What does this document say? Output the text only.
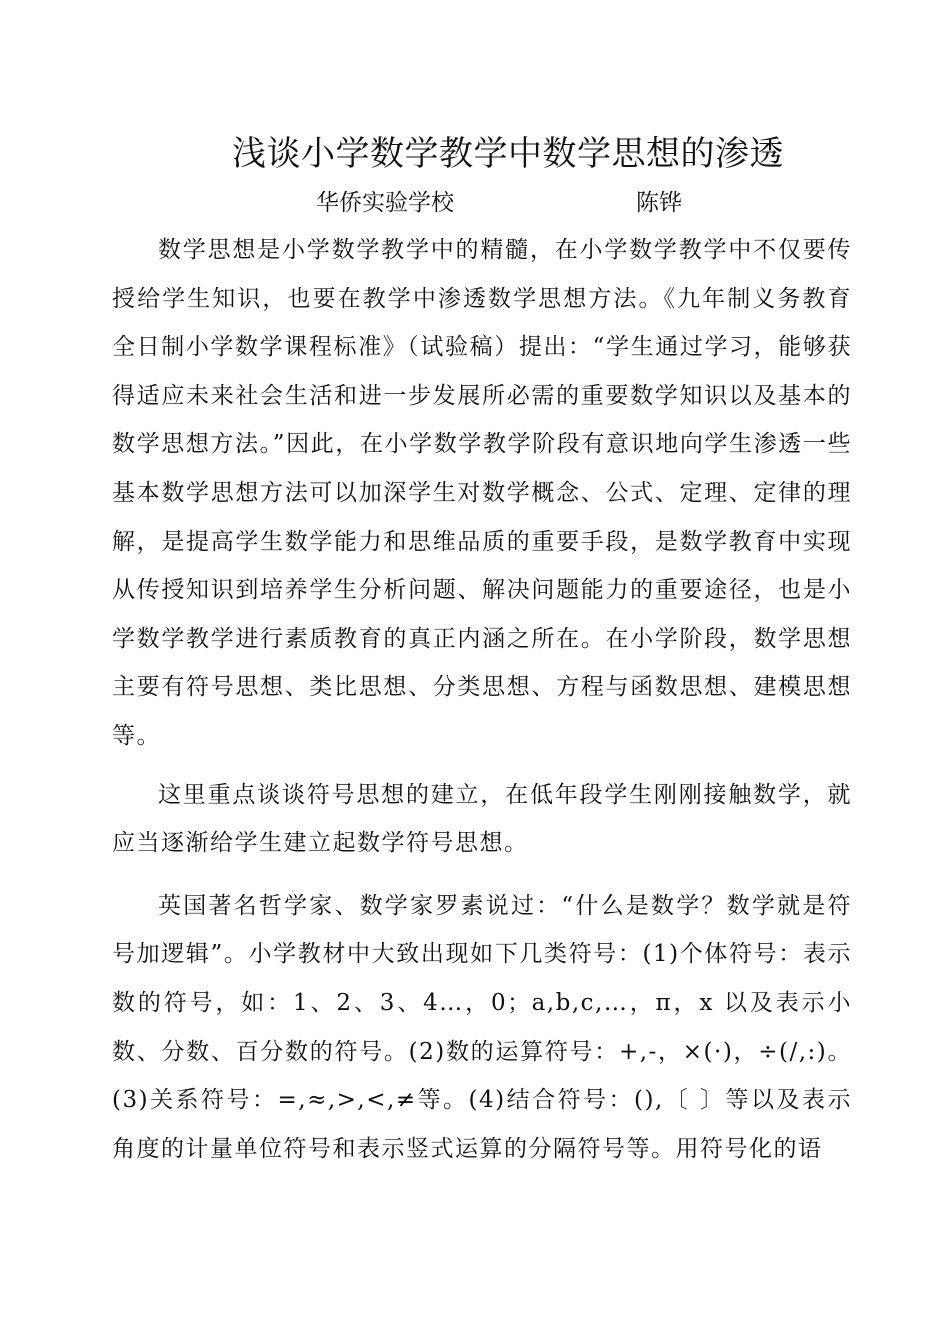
浅谈小学数学教学中数学思想的渗透
华侨实验学校	陈铧

数学思想是小学数学教学中的精髓，在小学数学教学中不仅要传授给学生知识，也要在教学中渗透数学思想方法。《九年制义务教育全日制小学数学课程标准》（试验稿）提出：“学生通过学习，能够获得适应未来社会生活和进一步发展所必需的重要数学知识以及基本的数学思想方法。”因此，在小学数学教学阶段有意识地向学生渗透一些基本数学思想方法可以加深学生对数学概念、公式、定理、定律的理解，是提高学生数学能力和思维品质的重要手段，是数学教育中实现从传授知识到培养学生分析问题、解决问题能力的重要途径，也是小学数学教学进行素质教育的真正内涵之所在。在小学阶段，数学思想主要有符号思想、类比思想、分类思想、方程与函数思想、建模思想等。

这里重点谈谈符号思想的建立，在低年段学生刚刚接触数学，就应当逐渐给学生建立起数学符号思想。

英国著名哲学家、数学家罗素说过：“什么是数学？数学就是符号加逻辑”。小学教材中大致出现如下几类符号：(1)个体符号：表示数的符号，如：1、2、3、4…，0；a,b,c,…，π，x 以及表示小数、分数、百分数的符号。(2)数的运算符号：+,-，×(·)，÷(/,:)。(3)关系符号：=,≈,>,<,≠等。(4)结合符号：(),〔 〕等以及表示角度的计量单位符号和表示竖式运算的分隔符号等。用符号化的语
